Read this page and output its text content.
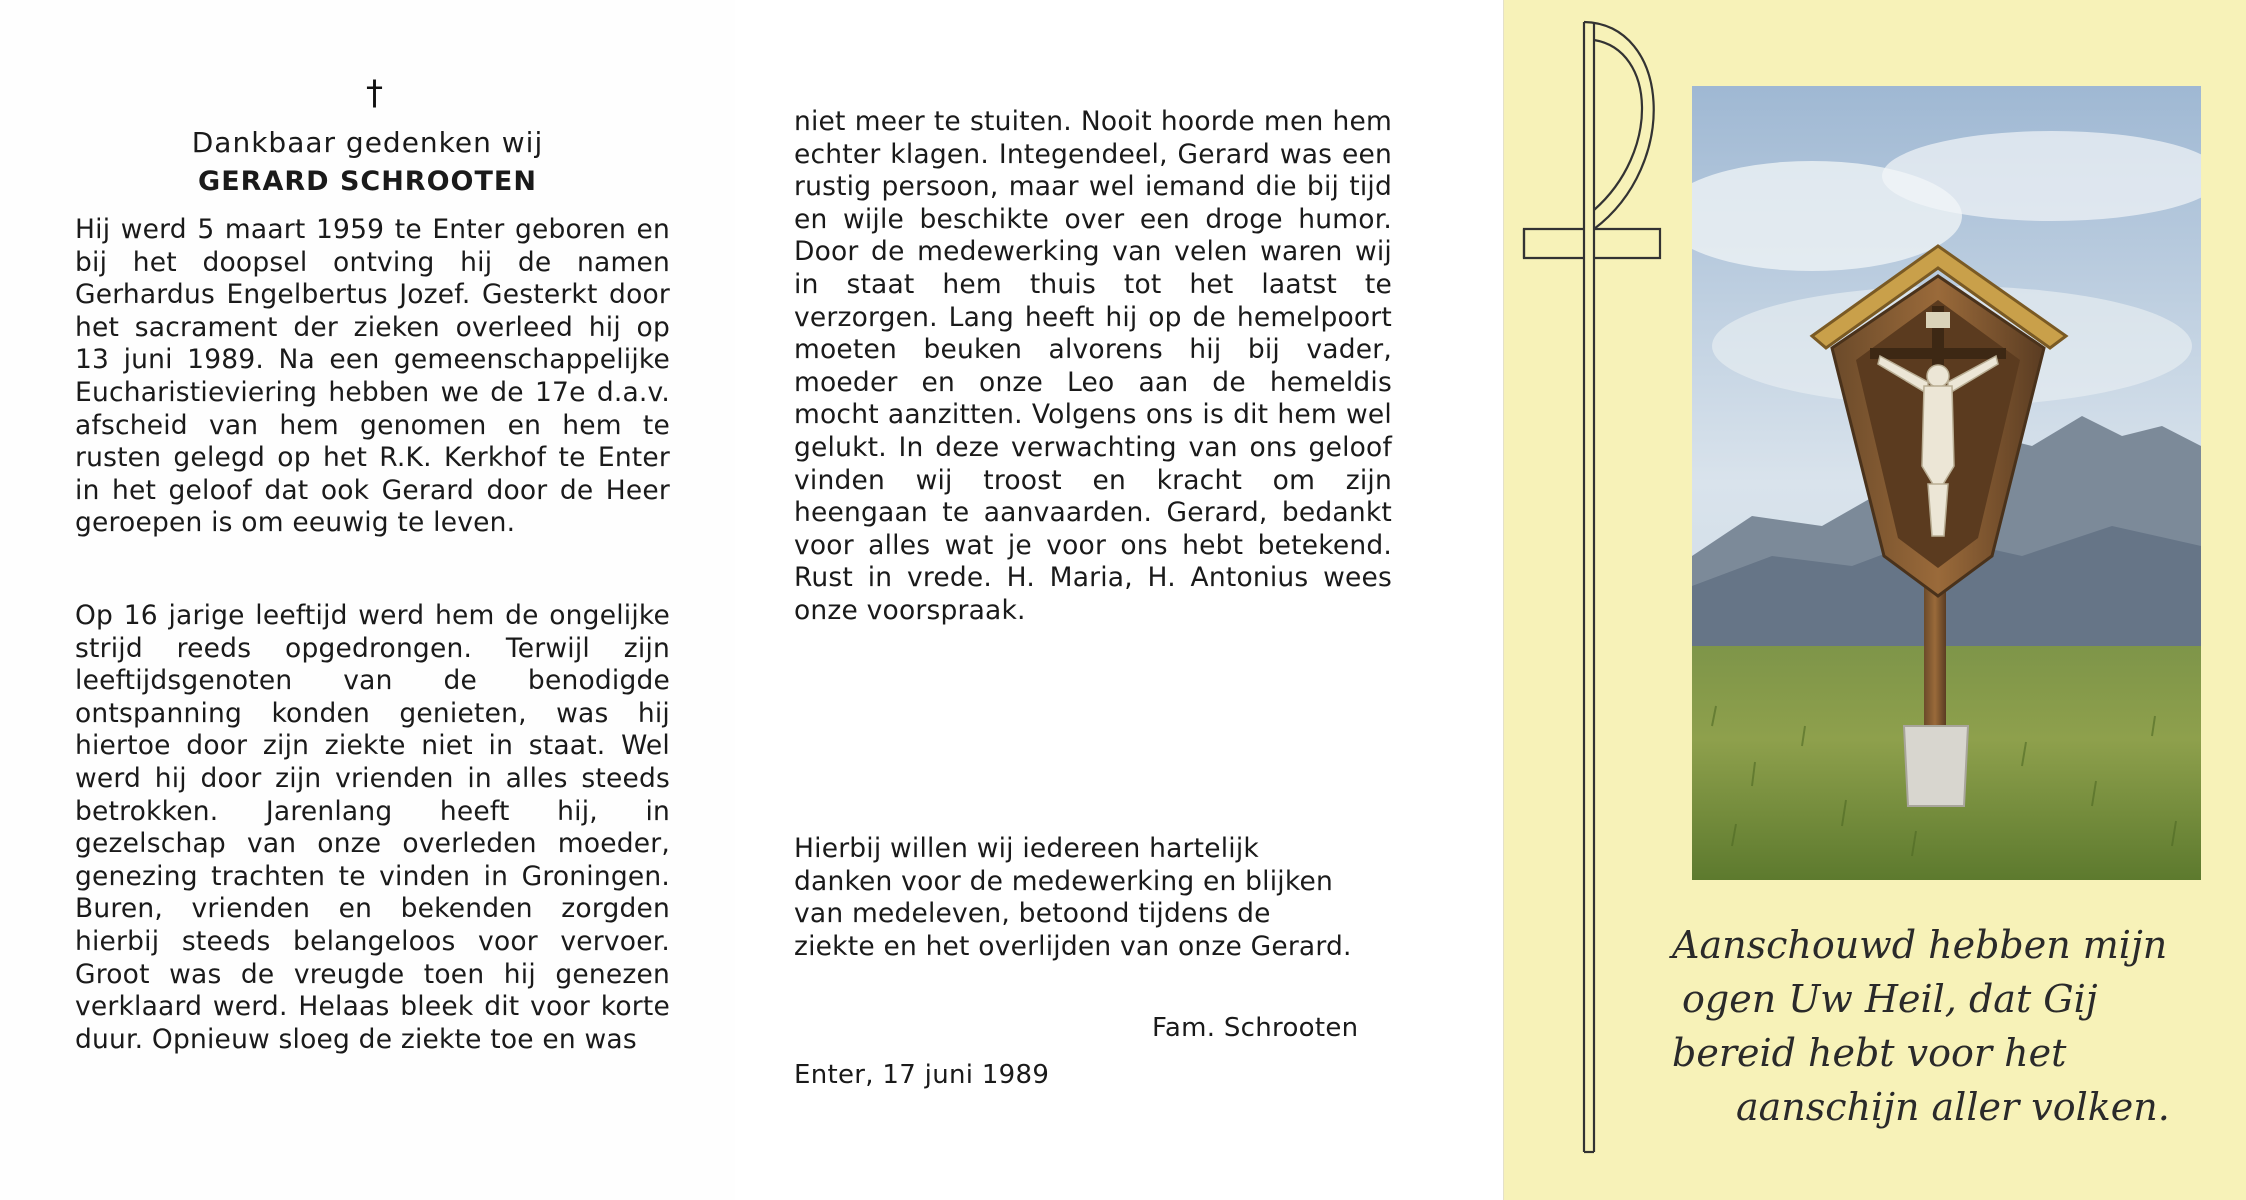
†
Dankbaar gedenken wij
GERARD SCHROOTEN

Hij werd 5 maart 1959 te Enter geboren en bij het doopsel ontving hij de namen Gerhardus Engelbertus Jozef. Gesterkt door het sacrament der zieken overleed hij op 13 juni 1989. Na een gemeenschappelijke Eucharistieviering hebben we de 17e d.a.v. afscheid van hem genomen en hem te rusten gelegd op het R.K. Kerkhof te Enter in het geloof dat ook Gerard door de Heer geroepen is om eeuwig te leven.

Op 16 jarige leeftijd werd hem de ongelijke strijd reeds opgedrongen. Terwijl zijn leeftijdsgenoten van de benodigde ontspanning konden genieten, was hij hiertoe door zijn ziekte niet in staat. Wel werd hij door zijn vrienden in alles steeds betrokken. Jarenlang heeft hij, in gezelschap van onze overleden moeder, genezing trachten te vinden in Groningen. Buren, vrienden en bekenden zorgden hierbij steeds belangeloos voor vervoer. Groot was de vreugde toen hij genezen verklaard werd. Helaas bleek dit voor korte duur. Opnieuw sloeg de ziekte toe en was

niet meer te stuiten. Nooit hoorde men hem echter klagen. Integendeel, Gerard was een rustig persoon, maar wel iemand die bij tijd en wijle beschikte over een droge humor. Door de medewerking van velen waren wij in staat hem thuis tot het laatst te verzorgen. Lang heeft hij op de hemelpoort moeten beuken alvorens hij bij vader, moeder en onze Leo aan de hemeldis mocht aanzitten. Volgens ons is dit hem wel gelukt. In deze verwachting van ons geloof vinden wij troost en kracht om zijn heengaan te aanvaarden. Gerard, bedankt voor alles wat je voor ons hebt betekend. Rust in vrede. H. Maria, H. Antonius wees onze voorspraak.

Hierbij willen wij iedereen hartelijk danken voor de medewerking en blijken van medeleven, betoond tijdens de ziekte en het overlijden van onze Gerard.

Fam. Schrooten
Enter, 17 juni 1989

Aanschouwd hebben mijn
ogen Uw Heil, dat Gij
bereid hebt voor het
aanschijn aller volken.
